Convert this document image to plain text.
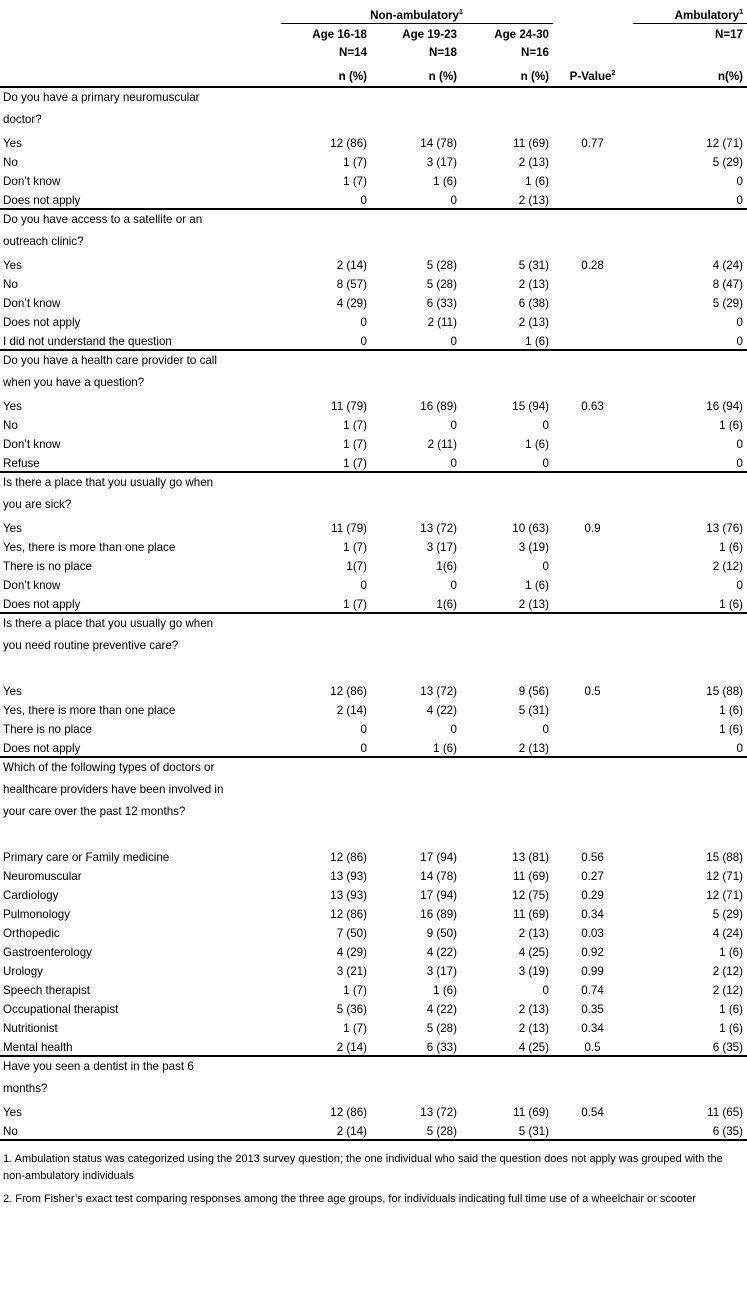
	Non-ambulatory$^1$				Ambulatory$^1$
	Age 16-18	Age 19-23	Age 24-30		N=17
	N=14	N=18	N=16		
	n (%)	n (%)	n (%)	P-Value$^2$	n(%)
Do you have a primary neuromuscular					
doctor?					
Yes	12 (86)	14 (78)	11 (69)	0.77	12 (71)
No	1 (7)	3 (17)	2 (13)		5 (29)
Don’t know	1 (7)	1 (6)	1 (6)		0
Does not apply	0	0	2 (13)		0
Do you have access to a satellite or an					
outreach clinic?					
Yes	2 (14)	5 (28)	5 (31)	0.28	4 (24)
No	8 (57)	5 (28)	2 (13)		8 (47)
Don’t know	4 (29)	6 (33)	6 (38)		5 (29)
Does not apply	0	2 (11)	2 (13)		0
I did not understand the question	0	0	1 (6)		0
Do you have a health care provider to call					
when you have a question?					
Yes	11 (79)	16 (89)	15 (94)	0.63	16 (94)
No	1 (7)	0	0		1 (6)
Don’t know	1 (7)	2 (11)	1 (6)		0
Refuse	1 (7)	0	0		0
Is there a place that you usually go when					
you are sick?					
Yes	11 (79)	13 (72)	10 (63)	0.9	13 (76)
Yes, there is more than one place	1 (7)	3 (17)	3 (19)		1 (6)
There is no place	1(7)	1(6)	0		2 (12)
Don’t know	0	0	1 (6)		0
Does not apply	1 (7)	1(6)	2 (13)		1 (6)
Is there a place that you usually go when					
you need routine preventive care?					

Yes	12 (86)	13 (72)	9 (56)	0.5	15 (88)
Yes, there is more than one place	2 (14)	4 (22)	5 (31)		1 (6)
There is no place	0	0	0		1 (6)
Does not apply	0	1 (6)	2 (13)		0
Which of the following types of doctors or					
healthcare providers have been involved in					
your care over the past 12 months?					

Primary care or Family medicine	12 (86)	17 (94)	13 (81)	0.56	15 (88)
Neuromuscular	13 (93)	14 (78)	11 (69)	0.27	12 (71)
Cardiology	13 (93)	17 (94)	12 (75)	0.29	12 (71)
Pulmonology	12 (86)	16 (89)	11 (69)	0.34	5 (29)
Orthopedic	7 (50)	9 (50)	2 (13)	0.03	4 (24)
Gastroenterology	4 (29)	4 (22)	4 (25)	0.92	1 (6)
Urology	3 (21)	3 (17)	3 (19)	0.99	2 (12)
Speech therapist	1 (7)	1 (6)	0	0.74	2 (12)
Occupational therapist	5 (36)	4 (22)	2 (13)	0.35	1 (6)
Nutritionist	1 (7)	5 (28)	2 (13)	0.34	1 (6)
Mental health	2 (14)	6 (33)	4 (25)	0.5	6 (35)
Have you seen a dentist in the past 6					
months?					
Yes	12 (86)	13 (72)	11 (69)	0.54	11 (65)
No	2 (14)	5 (28)	5 (31)		6 (35)

1. Ambulation status was categorized using the 2013 survey question; the one individual who said the question does not apply was grouped with the non-ambulatory individuals

2. From Fisher’s exact test comparing responses among the three age groups, for individuals indicating full time use of a wheelchair or scooter
